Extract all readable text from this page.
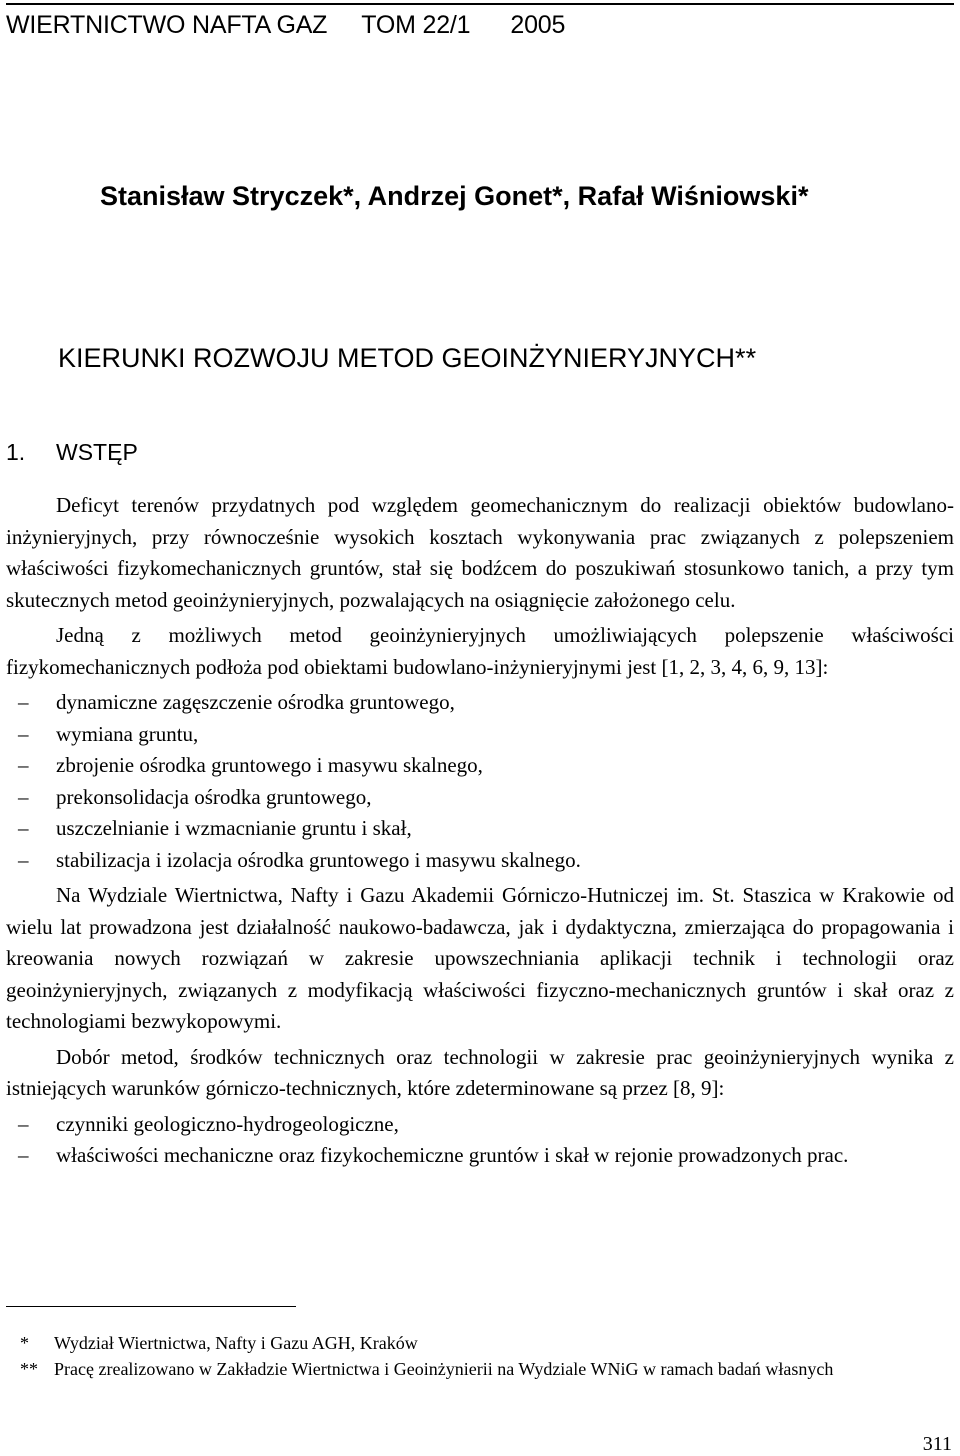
WIERTNICTWO NAFTA GAZ TOM 22/1 2005
Stanisław Stryczek*, Andrzej Gonet*, Rafał Wiśniowski*
KIERUNKI ROZWOJU METOD GEOINŻYNIERYJNYCH**
1. WSTĘP

Deficyt terenów przydatnych pod względem geomechanicznym do realizacji obiektów budowlano-inżynieryjnych, przy równocześnie wysokich kosztach wykonywania prac związanych z polepszeniem właściwości fizykomechanicznych gruntów, stał się bodźcem do poszukiwań stosunkowo tanich, a przy tym skutecznych metod geoinżynieryjnych, pozwalających na osiągnięcie założonego celu.

Jedną z możliwych metod geoinżynieryjnych umożliwiających polepszenie właściwości fizykomechanicznych podłoża pod obiektami budowlano-inżynieryjnymi jest [1, 2, 3, 4, 6, 9, 13]:

– dynamiczne zagęszczenie ośrodka gruntowego,
– wymiana gruntu,
– zbrojenie ośrodka gruntowego i masywu skalnego,
– prekonsolidacja ośrodka gruntowego,
– uszczelnianie i wzmacnianie gruntu i skał,
– stabilizacja i izolacja ośrodka gruntowego i masywu skalnego.

Na Wydziale Wiertnictwa, Nafty i Gazu Akademii Górniczo-Hutniczej im. St. Staszica w Krakowie od wielu lat prowadzona jest działalność naukowo-badawcza, jak i dydaktyczna, zmierzająca do propagowania i kreowania nowych rozwiązań w zakresie upowszechniania aplikacji technik i technologii oraz geoinżynieryjnych, związanych z modyfikacją właściwości fizyczno-mechanicznych gruntów i skał oraz z technologiami bezwykopowymi.

Dobór metod, środków technicznych oraz technologii w zakresie prac geoinżynieryjnych wynika z istniejących warunków górniczo-technicznych, które zdeterminowane są przez [8, 9]:

– czynniki geologiczno-hydrogeologiczne,
– właściwości mechaniczne oraz fizykochemiczne gruntów i skał w rejonie prowadzonych prac.
*	Wydział Wiertnictwa, Nafty i Gazu AGH, Kraków
** Pracę zrealizowano w Zakładzie Wiertnictwa i Geoinżynierii na Wydziale WNiG w ramach badań własnych
311
